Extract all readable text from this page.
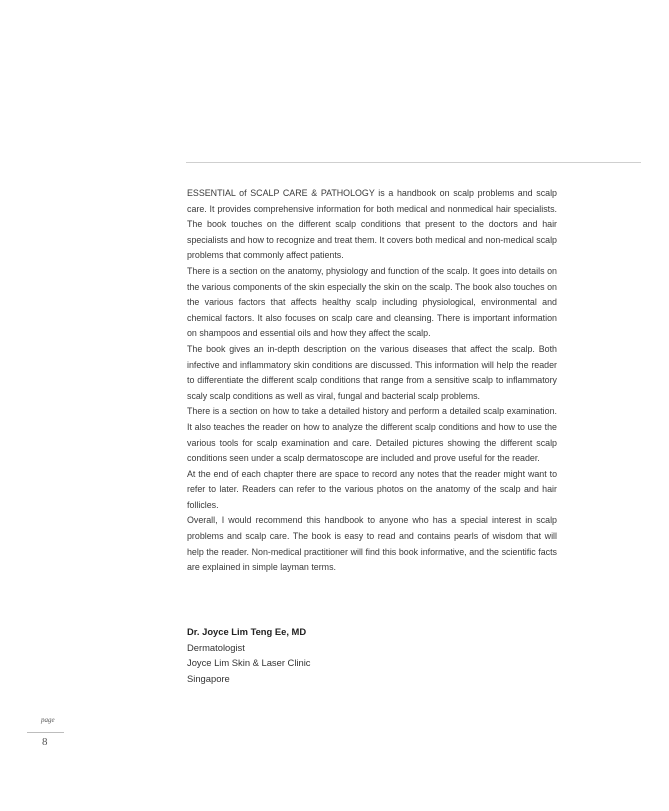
ESSENTIAL of SCALP CARE & PATHOLOGY is a handbook on scalp problems and scalp care. It provides comprehensive information for both medical and nonmedical hair specialists. The book touches on the different scalp conditions that present to the doctors and hair specialists and how to recognize and treat them. It covers both medical and non-medical scalp problems that commonly affect patients.

There is a section on the anatomy, physiology and function of the scalp. It goes into details on the various components of the skin especially the skin on the scalp. The book also touches on the various factors that affects healthy scalp including physiological, environmental and chemical factors. It also focuses on scalp care and cleansing. There is important information on shampoos and essential oils and how they affect the scalp.

The book gives an in-depth description on the various diseases that affect the scalp. Both infective and inflammatory skin conditions are discussed. This information will help the reader to differentiate the different scalp conditions that range from a sensitive scalp to inflammatory scaly scalp conditions as well as viral, fungal and bacterial scalp problems.

There is a section on how to take a detailed history and perform a detailed scalp examination. It also teaches the reader on how to analyze the different scalp conditions and how to use the various tools for scalp examination and care. Detailed pictures showing the different scalp conditions seen under a scalp dermatoscope are included and prove useful for the reader.

At the end of each chapter there are space to record any notes that the reader might want to refer to later. Readers can refer to the various photos on the anatomy of the scalp and hair follicles.

Overall, I would recommend this handbook to anyone who has a special interest in scalp problems and scalp care. The book is easy to read and contains pearls of wisdom that will help the reader. Non-medical practitioner will find this book informative, and the scientific facts are explained in simple layman terms.

Dr. Joyce Lim Teng Ee, MD
Dermatologist
Joyce Lim Skin & Laser Clinic
Singapore
page
8
